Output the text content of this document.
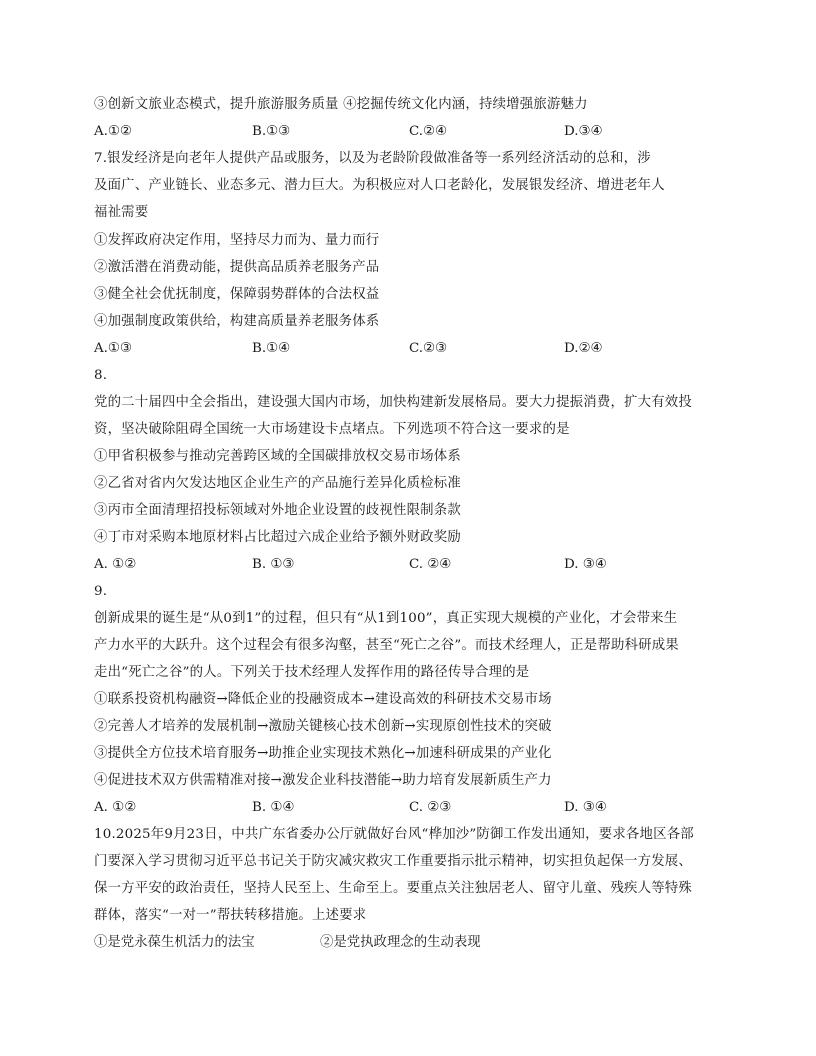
③创新文旅业态模式，提升旅游服务质量 ④挖掘传统文化内涵，持续增强旅游魅力
A.①②	B.①③	C.②④	D.③④
7.银发经济是向老年人提供产品或服务，以及为老龄阶段做准备等一系列经济活动的总和，涉
及面广、产业链长、业态多元、潜力巨大。为积极应对人口老龄化，发展银发经济、增进老年人
福祉需要
①发挥政府决定作用，坚持尽力而为、量力而行
②激活潜在消费动能，提供高品质养老服务产品
③健全社会优抚制度，保障弱势群体的合法权益
④加强制度政策供给，构建高质量养老服务体系
A.①③	B.①④	C.②③	D.②④
8.
党的二十届四中全会指出，建设强大国内市场，加快构建新发展格局。要大力提振消费，扩大有效投
资，坚决破除阻碍全国统一大市场建设卡点堵点。下列选项不符合这一要求的是
①甲省积极参与推动完善跨区域的全国碳排放权交易市场体系
②乙省对省内欠发达地区企业生产的产品施行差异化质检标准
③丙市全面清理招投标领域对外地企业设置的歧视性限制条款
④丁市对采购本地原材料占比超过六成企业给予额外财政奖励
A. ①②	B. ①③	C. ②④	D. ③④
9.
创新成果的诞生是“从0到1”的过程，但只有“从1到100”，真正实现大规模的产业化，才会带来生
产力水平的大跃升。这个过程会有很多沟壑，甚至“死亡之谷”。而技术经理人，正是帮助科研成果
走出“死亡之谷”的人。下列关于技术经理人发挥作用的路径传导合理的是
①联系投资机构融资→降低企业的投融资成本→建设高效的科研技术交易市场
②完善人才培养的发展机制→激励关键核心技术创新→实现原创性技术的突破
③提供全方位技术培育服务→助推企业实现技术熟化→加速科研成果的产业化
④促进技术双方供需精准对接→激发企业科技潜能→助力培育发展新质生产力
A. ①②	B. ①④	C. ②③	D. ③④
10.2025年9月23日，中共广东省委办公厅就做好台风“桦加沙”防御工作发出通知，要求各地区各部
门要深入学习贯彻习近平总书记关于防灾减灾救灾工作重要指示批示精神，切实担负起保一方发展、
保一方平安的政治责任，坚持人民至上、生命至上。要重点关注独居老人、留守儿童、残疾人等特殊
群体，落实“一对一”帮扶转移措施。上述要求
①是党永葆生机活力的法宝	②是党执政理念的生动表现
